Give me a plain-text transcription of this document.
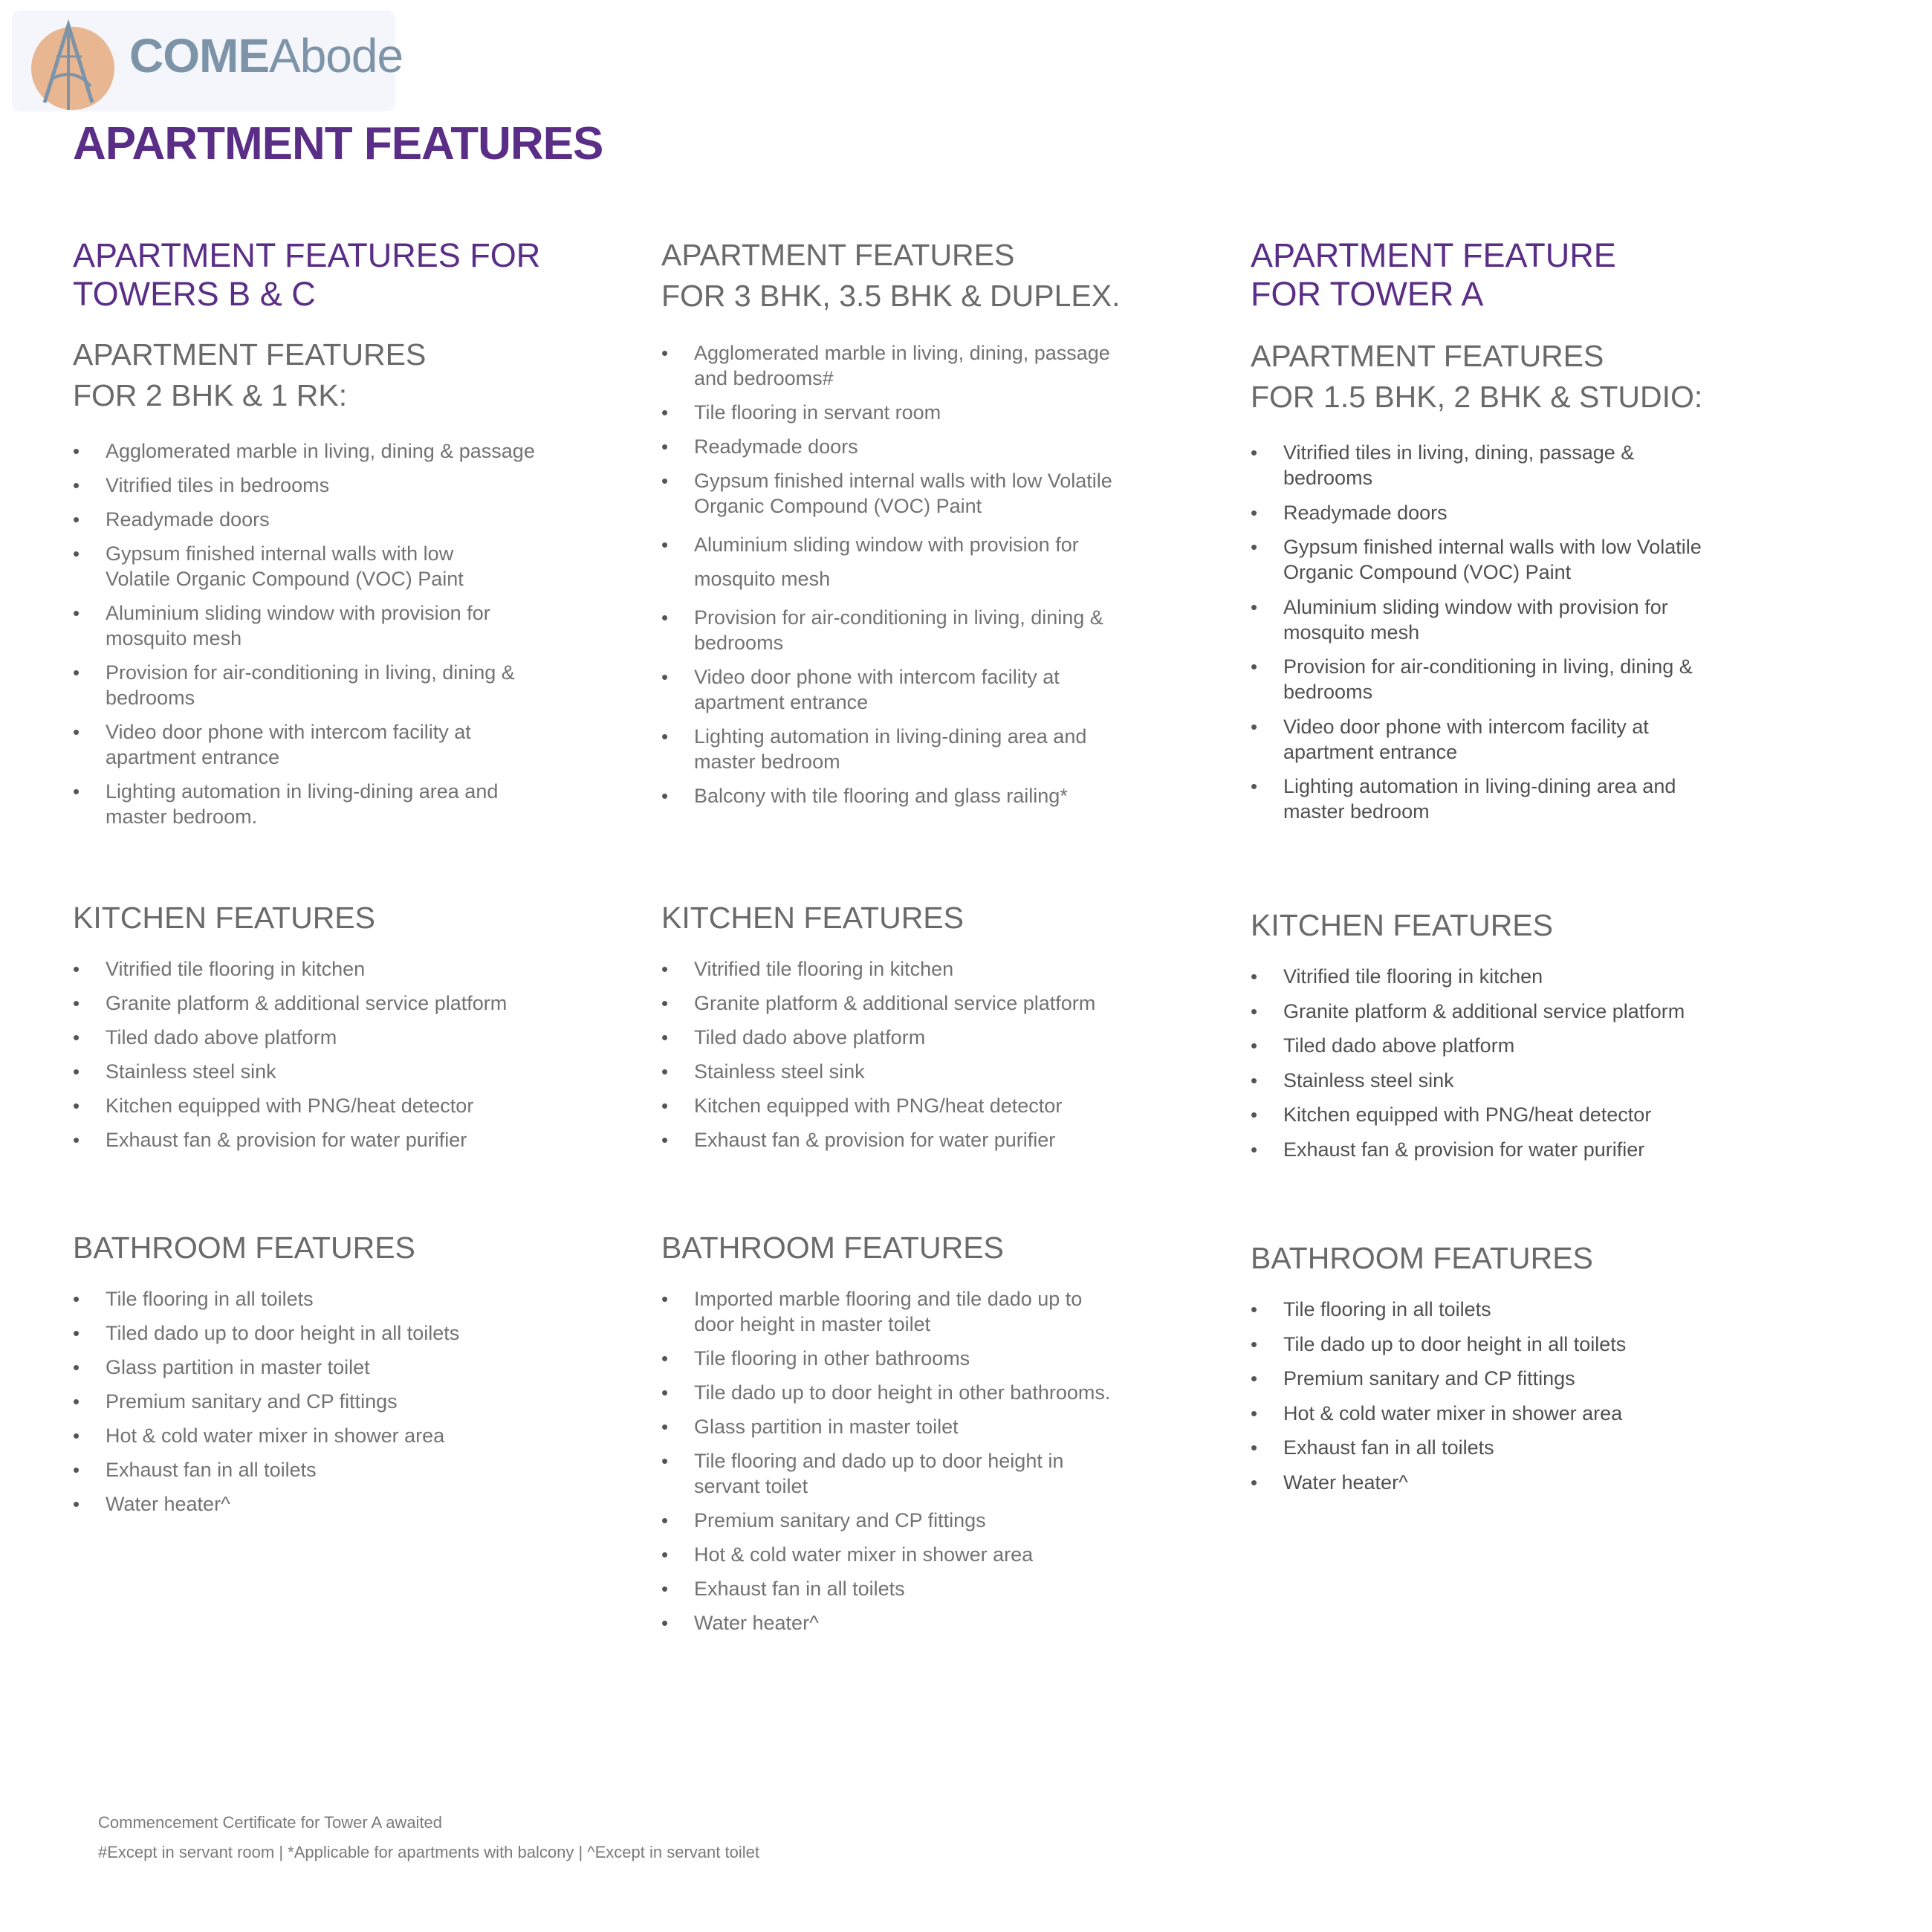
COMEAbode
APARTMENT FEATURES
APARTMENT FEATURES FOR
TOWERS B & C
APARTMENT FEATURES
FOR 2 BHK & 1 RK:
• Agglomerated marble in living, dining & passage
• Vitrified tiles in bedrooms
• Readymade doors
• Gypsum finished internal walls with low Volatile Organic Compound (VOC) Paint
• Aluminium sliding window with provision for mosquito mesh
• Provision for air-conditioning in living, dining & bedrooms
• Video door phone with intercom facility at apartment entrance
• Lighting automation in living-dining area and master bedroom.
KITCHEN FEATURES
• Vitrified tile flooring in kitchen
• Granite platform & additional service platform
• Tiled dado above platform
• Stainless steel sink
• Kitchen equipped with PNG/heat detector
• Exhaust fan & provision for water purifier
BATHROOM FEATURES
• Tile flooring in all toilets
• Tiled dado up to door height in all toilets
• Glass partition in master toilet
• Premium sanitary and CP fittings
• Hot & cold water mixer in shower area
• Exhaust fan in all toilets
• Water heater^
APARTMENT FEATURES
FOR 3 BHK, 3.5 BHK & DUPLEX.
• Agglomerated marble in living, dining, passage and bedrooms#
• Tile flooring in servant room
• Readymade doors
• Gypsum finished internal walls with low Volatile Organic Compound (VOC) Paint
• Aluminium sliding window with provision for mosquito mesh
• Provision for air-conditioning in living, dining & bedrooms
• Video door phone with intercom facility at apartment entrance
• Lighting automation in living-dining area and master bedroom
• Balcony with tile flooring and glass railing*
KITCHEN FEATURES
• Vitrified tile flooring in kitchen
• Granite platform & additional service platform
• Tiled dado above platform
• Stainless steel sink
• Kitchen equipped with PNG/heat detector
• Exhaust fan & provision for water purifier
BATHROOM FEATURES
• Imported marble flooring and tile dado up to door height in master toilet
• Tile flooring in other bathrooms
• Tile dado up to door height in other bathrooms.
• Glass partition in master toilet
• Tile flooring and dado up to door height in servant toilet
• Premium sanitary and CP fittings
• Hot & cold water mixer in shower area
• Exhaust fan in all toilets
• Water heater^
APARTMENT FEATURE
FOR TOWER A
APARTMENT FEATURES
FOR 1.5 BHK, 2 BHK & STUDIO:
• Vitrified tiles in living, dining, passage & bedrooms
• Readymade doors
• Gypsum finished internal walls with low Volatile Organic Compound (VOC) Paint
• Aluminium sliding window with provision for mosquito mesh
• Provision for air-conditioning in living, dining & bedrooms
• Video door phone with intercom facility at apartment entrance
• Lighting automation in living-dining area and master bedroom
KITCHEN FEATURES
• Vitrified tile flooring in kitchen
• Granite platform & additional service platform
• Tiled dado above platform
• Stainless steel sink
• Kitchen equipped with PNG/heat detector
• Exhaust fan & provision for water purifier
BATHROOM FEATURES
• Tile flooring in all toilets
• Tile dado up to door height in all toilets
• Premium sanitary and CP fittings
• Hot & cold water mixer in shower area
• Exhaust fan in all toilets
• Water heater^
Commencement Certificate for Tower A awaited
#Except in servant room | *Applicable for apartments with balcony | ^Except in servant toilet
